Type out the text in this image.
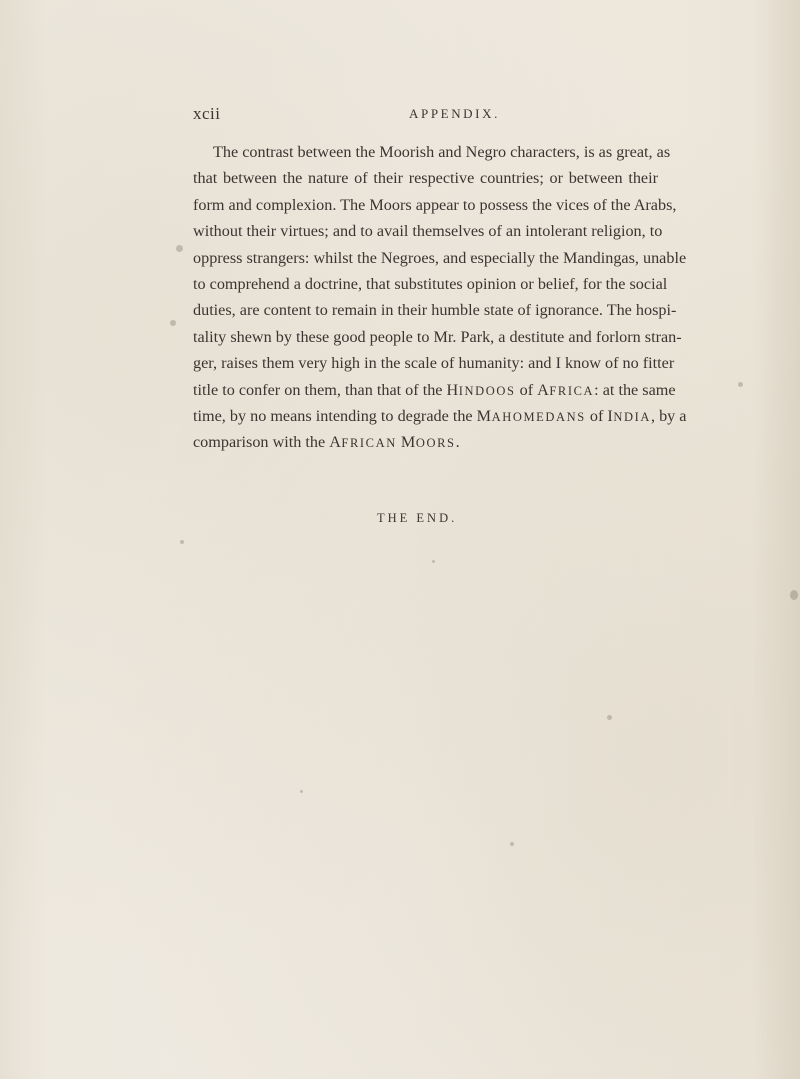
xcii	APPENDIX.
The contrast between the Moorish and Negro characters, is as great, as
that between the nature of their respective countries; or between their
form and complexion. The Moors appear to possess the vices of the Arabs,
without their virtues; and to avail themselves of an intolerant religion, to
oppress strangers: whilst the Negroes, and especially the Mandingas, unable
to comprehend a doctrine, that substitutes opinion or belief, for the social
duties, are content to remain in their humble state of ignorance. The hospi-
tality shewn by these good people to Mr. Park, a destitute and forlorn stran-
ger, raises them very high in the scale of humanity: and I know of no fitter
title to confer on them, than that of the HINDOOS of AFRICA: at the same
time, by no means intending to degrade the MAHOMEDANS of INDIA, by a
comparison with the AFRICAN MOORS.
THE END.
